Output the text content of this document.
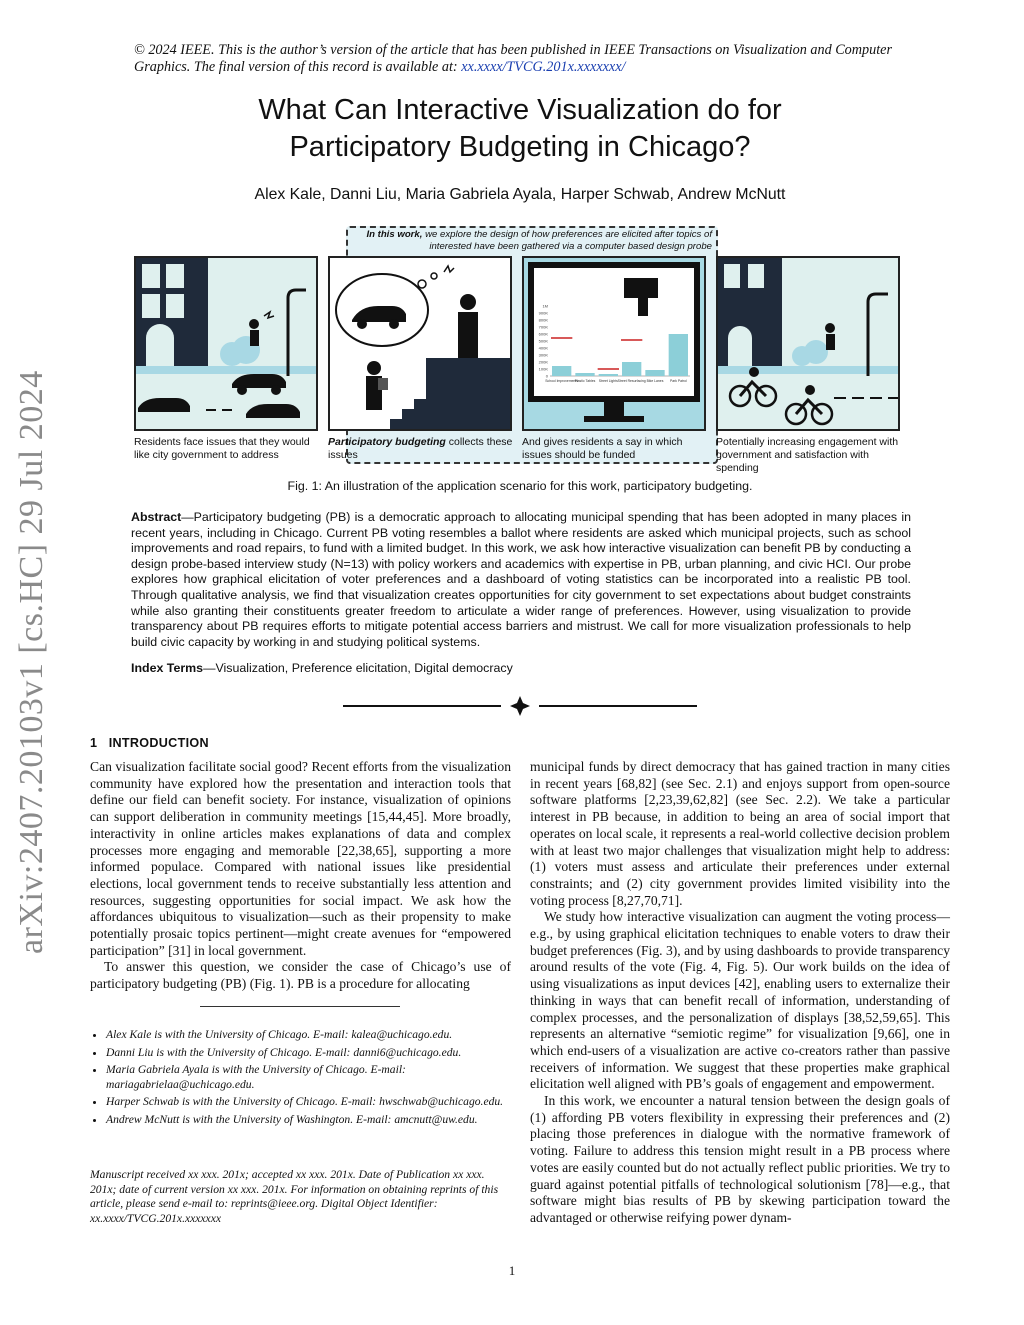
arXiv:2407.20103v1 [cs.HC] 29 Jul 2024
© 2024 IEEE. This is the author’s version of the article that has been published in IEEE Transactions on Visualization and Computer Graphics. The final version of this record is available at: xx.xxxx/TVCG.201x.xxxxxxx/
What Can Interactive Visualization do for
Participatory Budgeting in Chicago?
Alex Kale, Danni Liu, Maria Gabriela Ayala, Harper Schwab, Andrew McNutt
In this work, we explore the design of how preferences are elicited after topics of
interested have been gathered via a computer based design probe
0
100K
200K
300K
400K
500K
600K
700K
800K
900K
1M
School Improvements
Plastic Tables Street Lights Street Resurfacing Bike Lanes Park Patrol
Residents face issues that they would like city government to address
Participatory budgeting collects these issues
And gives residents a say in which issues should be funded
Potentially increasing engagement with government and satisfaction with spending
Fig. 1: An illustration of the application scenario for this work, participatory budgeting.
Abstract—Participatory budgeting (PB) is a democratic approach to allocating municipal spending that has been adopted in many places in recent years, including in Chicago. Current PB voting resembles a ballot where residents are asked which municipal projects, such as school improvements and road repairs, to fund with a limited budget. In this work, we ask how interactive visualization can benefit PB by conducting a design probe-based interview study (N=13) with policy workers and academics with expertise in PB, urban planning, and civic HCI. Our probe explores how graphical elicitation of voter preferences and a dashboard of voting statistics can be incorporated into a realistic PB tool. Through qualitative analysis, we find that visualization creates opportunities for city government to set expectations about budget constraints while also granting their constituents greater freedom to articulate a wider range of preferences. However, using visualization to provide transparency about PB requires efforts to mitigate potential access barriers and mistrust. We call for more visualization professionals to help build civic capacity by working in and studying political systems.
Index Terms—Visualization, Preference elicitation, Digital democracy
1 INTRODUCTION

Can visualization facilitate social good? Recent efforts from the visualization community have explored how the presentation and interaction tools that define our field can benefit society. For instance, visualization of opinions can support deliberation in community meetings [15,44,45]. More broadly, interactivity in online articles makes explanations of data and complex processes more engaging and memorable [22,38,65], supporting a more informed populace. Compared with national issues like presidential elections, local government tends to receive substantially less attention and resources, suggesting opportunities for social impact. We ask how the affordances ubiquitous to visualization—such as their propensity to make potentially prosaic topics pertinent—might create avenues for “empowered participation” [31] in local government.

To answer this question, we consider the case of Chicago’s use of participatory budgeting (PB) (Fig. 1). PB is a procedure for allocating

• Alex Kale is with the University of Chicago. E-mail: kalea@uchicago.edu.
• Danni Liu is with the University of Chicago. E-mail: danni6@uchicago.edu.
• Maria Gabriela Ayala is with the University of Chicago. E-mail: mariagabrielaa@uchicago.edu.
• Harper Schwab is with the University of Chicago. E-mail: hwschwab@uchicago.edu.
• Andrew McNutt is with the University of Washington. E-mail: amcnutt@uw.edu.
Manuscript received xx xxx. 201x; accepted xx xxx. 201x. Date of Publication xx xxx. 201x; date of current version xx xxx. 201x. For information on obtaining reprints of this article, please send e-mail to: reprints@ieee.org. Digital Object Identifier: xx.xxxx/TVCG.201x.xxxxxxx

municipal funds by direct democracy that has gained traction in many cities in recent years [68,82] (see Sec. 2.1) and enjoys support from open-source software platforms [2,23,39,62,82] (see Sec. 2.2). We take a particular interest in PB because, in addition to being an area of social import that operates on local scale, it represents a real-world collective decision problem with at least two major challenges that visualization might help to address: (1) voters must assess and articulate their preferences under external constraints; and (2) city government provides limited visibility into the voting process [8,27,70,71].

We study how interactive visualization can augment the voting process—e.g., by using graphical elicitation techniques to enable voters to draw their budget preferences (Fig. 3), and by using dashboards to provide transparency around results of the vote (Fig. 4, Fig. 5). Our work builds on the idea of using visualizations as input devices [42], enabling users to externalize their thinking in ways that can benefit recall of information, understanding of complex processes, and the personalization of displays [38,52,59,65]. This represents an alternative “semiotic regime” for visualization [9,66], one in which end-users of a visualization are active co-creators rather than passive receivers of information. We suggest that these properties make graphical elicitation well aligned with PB’s goals of engagement and empowerment.

In this work, we encounter a natural tension between the design goals of (1) affording PB voters flexibility in expressing their preferences and (2) placing those preferences in dialogue with the normative framework of voting. Failure to address this tension might result in a PB process where votes are easily counted but do not actually reflect public priorities. We try to guard against potential pitfalls of technological solutionism [78]—e.g., that software might bias results of PB by skewing participation toward the advantaged or otherwise reifying power dynam-

1
